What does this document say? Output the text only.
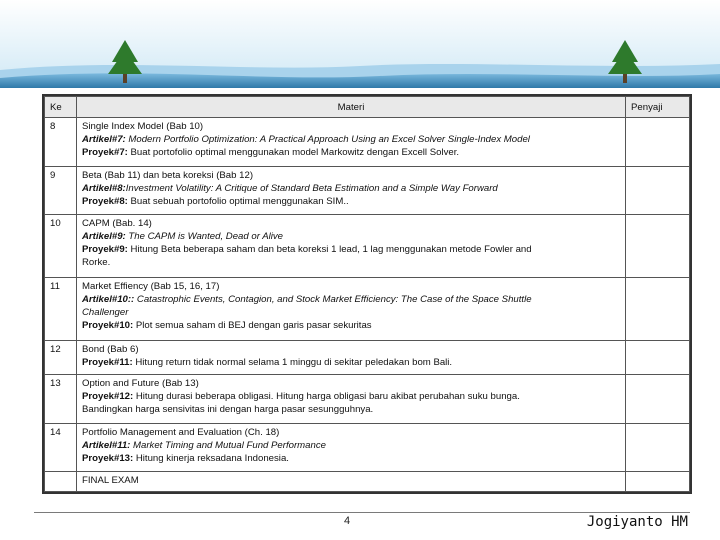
Ke	Materi	Penyaji
8	Single Index Model (Bab 10)
Artikel#7: Modern Portfolio Optimization: A Practical Approach Using an Excel Solver Single-Index Model
Proyek#7: Buat portofolio optimal menggunakan model Markowitz dengan Excell Solver.	

9	Beta (Bab 11) dan beta koreksi (Bab 12)
Artikel#8:Investment Volatility: A Critique of Standard Beta Estimation and a Simple Way Forward
Proyek#8: Buat sebuah portofolio optimal menggunakan SIM..	

10	CAPM (Bab. 14)
Artikel#9: The CAPM is Wanted, Dead or Alive
Proyek#9: Hitung Beta beberapa saham dan beta koreksi 1 lead, 1 lag menggunakan metode Fowler and
Rorke.	

11	Market Effiency (Bab 15, 16, 17)
Artikel#10:: Catastrophic Events, Contagion, and Stock Market Efficiency: The Case of the Space Shuttle
Challenger
Proyek#10: Plot semua saham di BEJ dengan garis pasar sekuritas	

12	Bond (Bab 6)
Proyek#11: Hitung return tidak normal selama 1 minggu di sekitar peledakan bom Bali.	

13	Option and Future (Bab 13)
Proyek#12: Hitung durasi beberapa obligasi. Hitung harga obligasi baru akibat perubahan suku bunga.
Bandingkan harga sensivitas ini dengan harga pasar sesungguhnya.	

14	Portfolio Management and Evaluation (Ch. 18)
Artikel#11: Market Timing and Mutual Fund Performance
Proyek#13: Hitung kinerja reksadana Indonesia.	

	FINAL EXAM	

4	Jogiyanto HM
